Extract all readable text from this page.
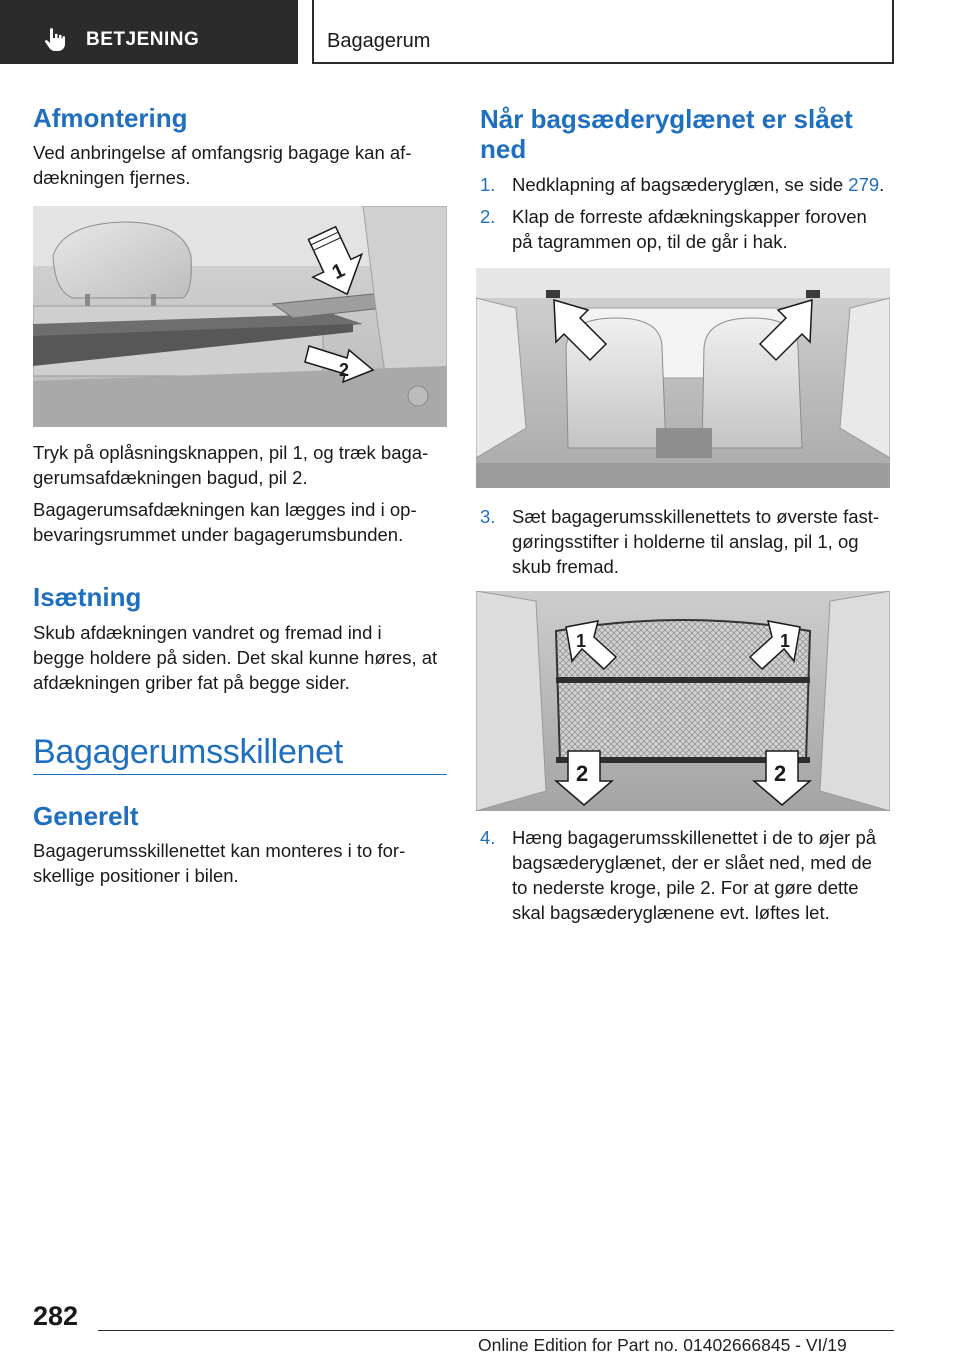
BETJENING	Bagagerum
Afmontering

Ved anbringelse af omfangsrig bagage kan af‐

dækningen fjernes.

1
2

Tryk på oplåsningsknappen, pil 1, og træk baga‐

gerumsafdækningen bagud, pil 2.

Bagagerumsafdækningen kan lægges ind i op‐

bevaringsrummet under bagagerumsbunden.

Isætning

Skub afdækningen vandret og fremad ind i

begge holdere på siden. Det skal kunne høres, at

afdækningen griber fat på begge sider.

Bagagerumsskillenet
Generelt

Bagagerumsskillenettet kan monteres i to for‐

skellige positioner i bilen.

Når bagsæderyglænet er slået
ned
1. Nedklapning af bagsæderyglæn, se side 279.

2. Klap de forreste afdækningskapper foroven

på tagrammen op, til de går i hak.

3. Sæt bagagerumsskillenettets to øverste fast‐

gøringsstifter i holderne til anslag, pil 1, og

skub fremad.

1	1
2	2
4. Hæng bagagerumsskillenettet i de to øjer på

bagsæderyglænet, der er slået ned, med de

to nederste kroge, pile 2. For at gøre dette

skal bagsæderyglænene evt. løftes let.

282
Online Edition for Part no. 01402666845 - VI/19
